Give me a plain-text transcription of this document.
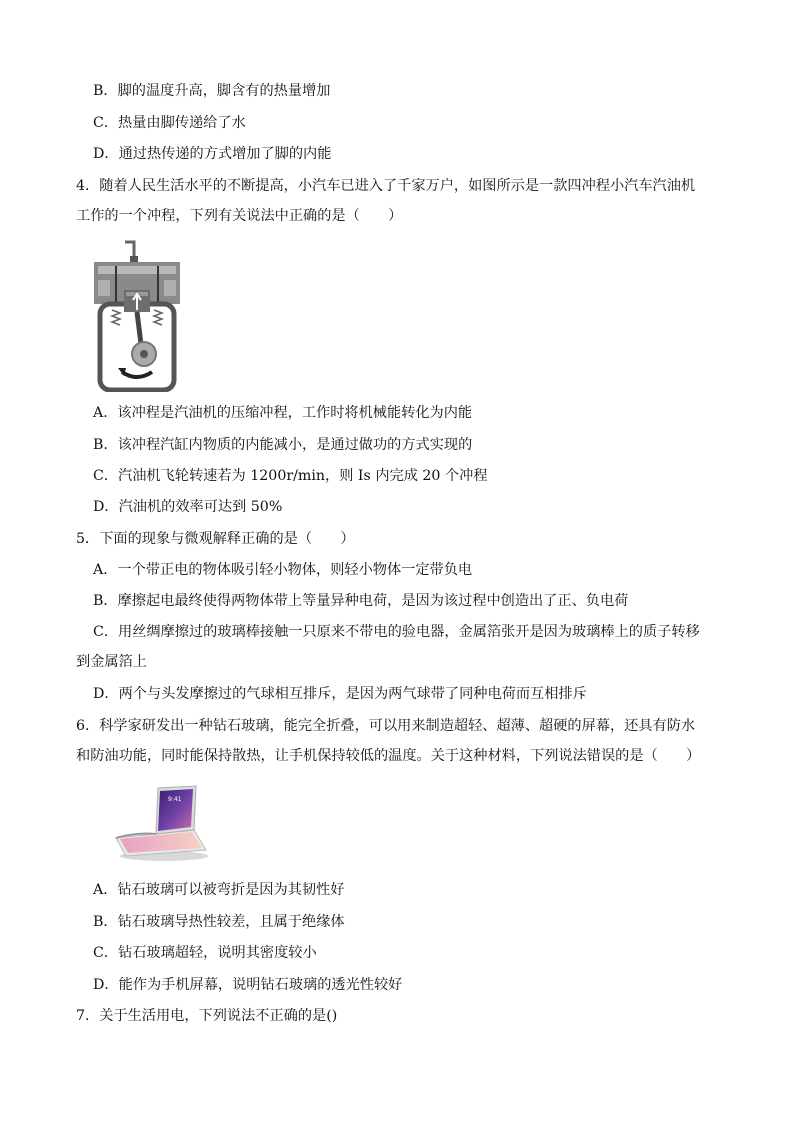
B．脚的温度升高，脚含有的热量增加
C．热量由脚传递给了水
D．通过热传递的方式增加了脚的内能
4．随着人民生活水平的不断提高，小汽车已进入了千家万户，如图所示是一款四冲程小汽车汽油机
工作的一个冲程，下列有关说法中正确的是（　　）
A．该冲程是汽油机的压缩冲程，工作时将机械能转化为内能
B．该冲程汽缸内物质的内能减小，是通过做功的方式实现的
C．汽油机飞轮转速若为 1200r/min，则 Is 内完成 20 个冲程
D．汽油机的效率可达到 50%
5．下面的现象与微观解释正确的是（　　）
A．一个带正电的物体吸引轻小物体，则轻小物体一定带负电
B．摩擦起电最终使得两物体带上等量异种电荷，是因为该过程中创造出了正、负电荷
C．用丝绸摩擦过的玻璃棒接触一只原来不带电的验电器，金属箔张开是因为玻璃棒上的质子转移
到金属箔上
D．两个与头发摩擦过的气球相互排斥，是因为两气球带了同种电荷而互相排斥
6．科学家研发出一种钻石玻璃，能完全折叠，可以用来制造超轻、超薄、超硬的屏幕，还具有防水
和防油功能，同时能保持散热，让手机保持较低的温度。关于这种材料，下列说法错误的是（　　）
9:41
A．钻石玻璃可以被弯折是因为其韧性好
B．钻石玻璃导热性较差，且属于绝缘体
C．钻石玻璃超轻，说明其密度较小
D．能作为手机屏幕，说明钻石玻璃的透光性较好
7．关于生活用电，下列说法不正确的是()
